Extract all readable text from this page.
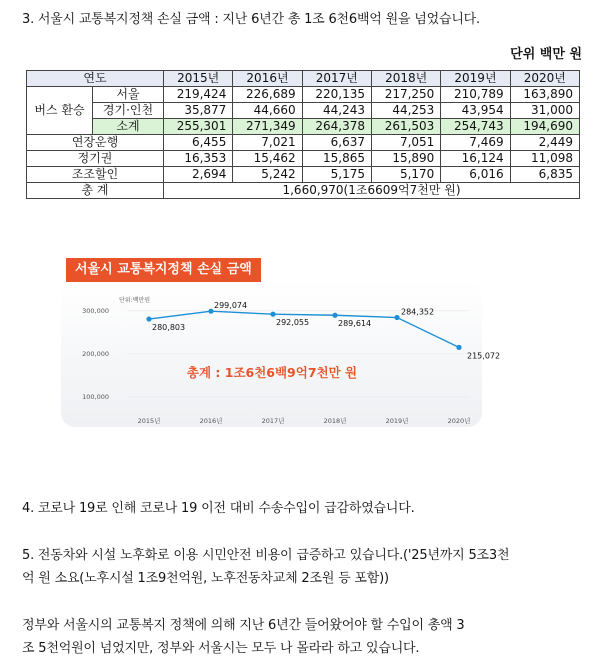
3. 서울시 교통복지정책 손실 금액 : 지난 6년간 총 1조 6천6백억 원을 넘었습니다.
단위 백만 원
연도		2015년	2016년	2017년	2018년	2019년	2020년
버스 환승	서울	219,424	226,689	220,135	217,250	210,789	163,890
	경기·인천	35,877	44,660	44,243	44,253	43,954	31,000
	소계	255,301	271,349	264,378	261,503	254,743	194,690
연장운행		6,455	7,021	6,637	7,051	7,469	2,449
정기권		16,353	15,462	15,865	15,890	16,124	11,098
조조할인		2,694	5,242	5,175	5,170	6,016	6,835
총 계		1,660,970(1조6609억7천만 원)					
단위:백만원
300,000
200,000
100,000
280,803
2015년
299,074
2016년
292,055
2017년
289,614
2018년
284,352
2019년
215,072
2020년
총계 : 1조6천6백9억7천만 원
서울시 교통복지정책 손실 금액
4. 코로나 19로 인해 코로나 19 이전 대비 수송수입이 급감하였습니다.
5. 전동차와 시설 노후화로 이용 시민안전 비용이 급증하고 있습니다.('25년까지 5조3천
억 원 소요(노후시설 1조9천억원, 노후전동차교체 2조원 등 포함))
정부와 서울시의 교통복지 정책에 의해 지난 6년간 들어왔어야 할 수입이 총액 3
조 5천억원이 넘었지만, 정부와 서울시는 모두 나 몰라라 하고 있습니다.
